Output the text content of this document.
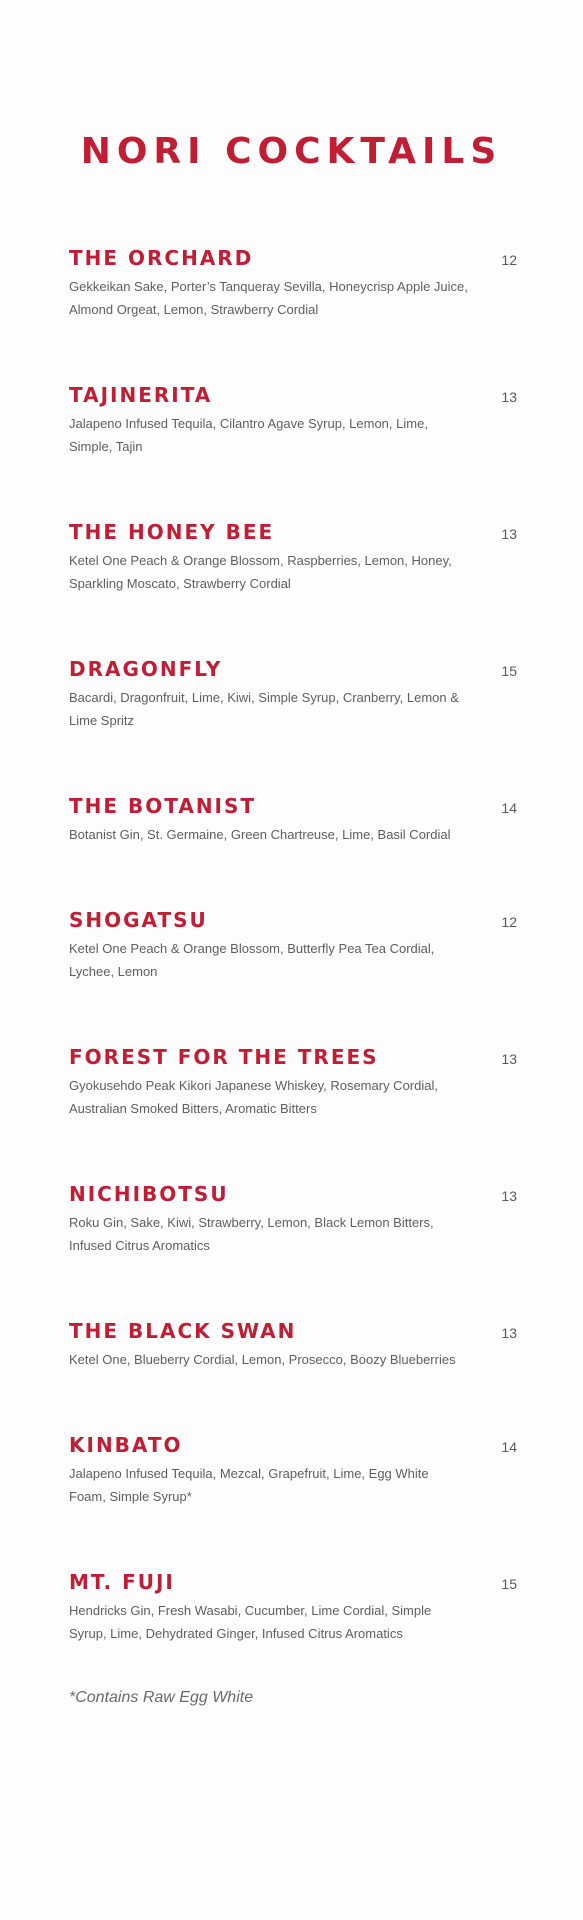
NORI COCKTAILS
THE ORCHARD	12

Gekkeikan Sake, Porter’s Tanqueray Sevilla, Honeycrisp Apple Juice, Almond Orgeat, Lemon, Strawberry Cordial

TAJINERITA	13

Jalapeno Infused Tequila, Cilantro Agave Syrup, Lemon, Lime, Simple, Tajin

THE HONEY BEE	13

Ketel One Peach & Orange Blossom, Raspberries, Lemon, Honey, Sparkling Moscato, Strawberry Cordial

DRAGONFLY	15

Bacardi, Dragonfruit, Lime, Kiwi, Simple Syrup, Cranberry, Lemon & Lime Spritz

THE BOTANIST	14

Botanist Gin, St. Germaine, Green Chartreuse, Lime, Basil Cordial

SHOGATSU	12

Ketel One Peach & Orange Blossom, Butterfly Pea Tea Cordial, Lychee, Lemon

FOREST FOR THE TREES	13

Gyokusehdo Peak Kikori Japanese Whiskey, Rosemary Cordial, Australian Smoked Bitters, Aromatic Bitters

NICHIBOTSU	13

Roku Gin, Sake, Kiwi, Strawberry, Lemon, Black Lemon Bitters, Infused Citrus Aromatics

THE BLACK SWAN	13

Ketel One, Blueberry Cordial, Lemon, Prosecco, Boozy Blueberries

KINBATO	14

Jalapeno Infused Tequila, Mezcal, Grapefruit, Lime, Egg White Foam, Simple Syrup*

MT. FUJI	15

Hendricks Gin, Fresh Wasabi, Cucumber, Lime Cordial, Simple Syrup, Lime, Dehydrated Ginger, Infused Citrus Aromatics

*Contains Raw Egg White
